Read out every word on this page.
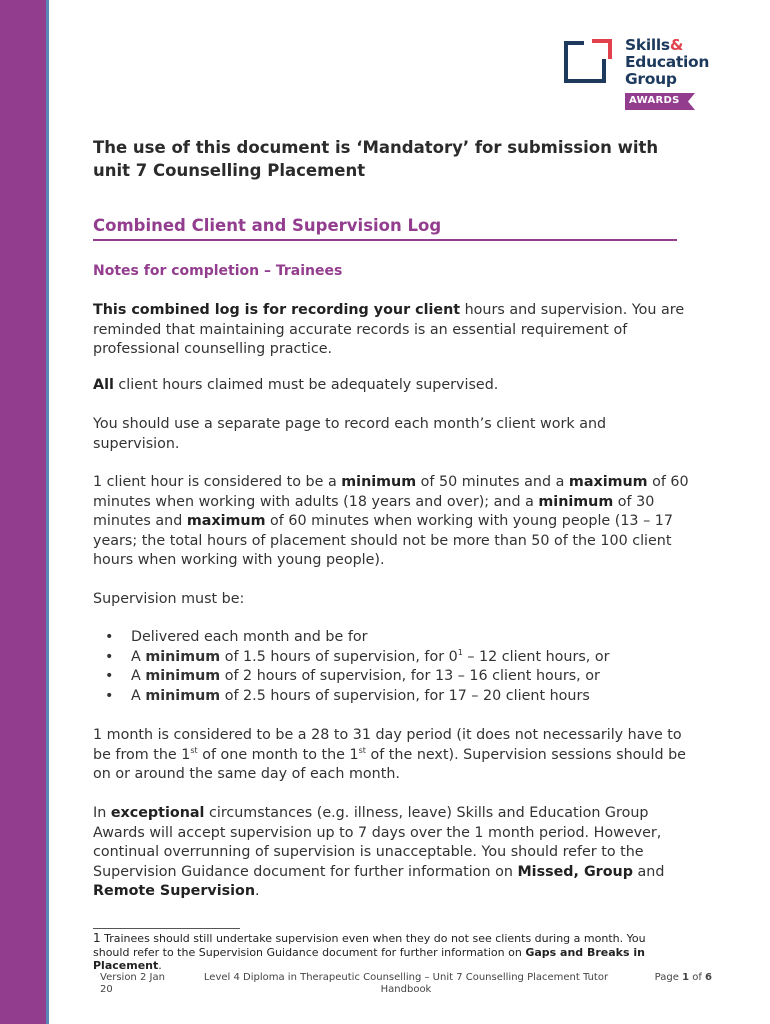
Skills&
Education
Group
AWARDS
The use of this document is ‘Mandatory’ for submission with unit 7 Counselling Placement
Combined Client and Supervision Log
Notes for completion – Trainees
This combined log is for recording your client hours and supervision. You are reminded that maintaining accurate records is an essential requirement of professional counselling practice.
All client hours claimed must be adequately supervised.
You should use a separate page to record each month’s client work and supervision.
1 client hour is considered to be a minimum of 50 minutes and a maximum of 60 minutes when working with adults (18 years and over); and a minimum of 30 minutes and maximum of 60 minutes when working with young people (13 – 17 years; the total hours of placement should not be more than 50 of the 100 client hours when working with young people).
Supervision must be:
• Delivered each month and be for
• A minimum of 1.5 hours of supervision, for $0^1 - 12$ client hours, or
• A minimum of 2 hours of supervision, for 13 – 16 client hours, or
• A minimum of 2.5 hours of supervision, for 17 – 20 client hours
1 month is considered to be a 28 to 31 day period (it does not necessarily have to be from the 1st of one month to the 1st of the next). Supervision sessions should be on or around the same day of each month.
In exceptional circumstances (e.g. illness, leave) Skills and Education Group Awards will accept supervision up to 7 days over the 1 month period. However, continual overrunning of supervision is unacceptable. You should refer to the Supervision Guidance document for further information on Missed, Group and Remote Supervision.
1 Trainees should still undertake supervision even when they do not see clients during a month. You should refer to the Supervision Guidance document for further information on Gaps and Breaks in Placement.
Version 2 Jan 20
Level 4 Diploma in Therapeutic Counselling – Unit 7 Counselling Placement Tutor Handbook
Page 1 of 6
